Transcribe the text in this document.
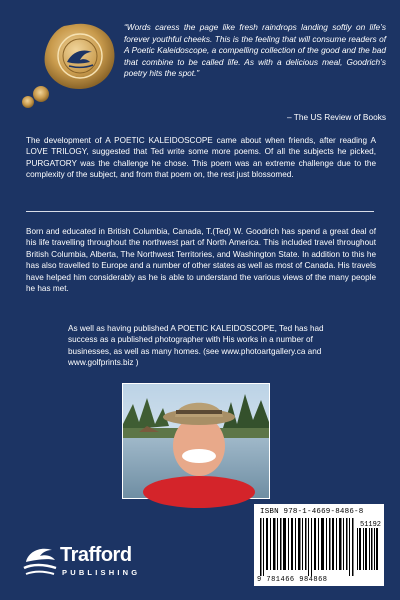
“Words caress the page like fresh raindrops landing softly on life’s forever youthful cheeks. This is the feeling that will consume readers of A Poetic Kaleidoscope, a compelling collection of the good and the bad that combine to be called life. As with a delicious meal, Goodrich’s poetry hits the spot.”

– The US Review of Books

The development of A POETIC KALEIDOSCOPE came about when friends, after reading A LOVE TRILOGY, suggested that Ted write some more poems. Of all the subjects he picked, PURGATORY was the challenge he chose. This poem was an extreme challenge due to the complexity of the subject, and from that poem on, the rest just blossomed.

Born and educated in British Columbia, Canada, T.(Ted) W. Goodrich has spend a great deal of his life travelling throughout the northwest part of North America. This included travel throughout British Columbia, Alberta, The Northwest Territories, and Washington State. In addition to this he has also travelled to Europe and a number of other states as well as most of Canada. His travels have helped him considerably as he is able to understand the various views of the many people he has met.

As well as having published A POETIC KALEIDOSCOPE, Ted has had success as a published photographer with His works in a number of businesses, as well as many homes. (see www.photoartgallery.ca and www.golfprints.biz )

ISBN 978-1-4669-8486-8
51192
9 781466 984868
Trafford
PUBLISHING
